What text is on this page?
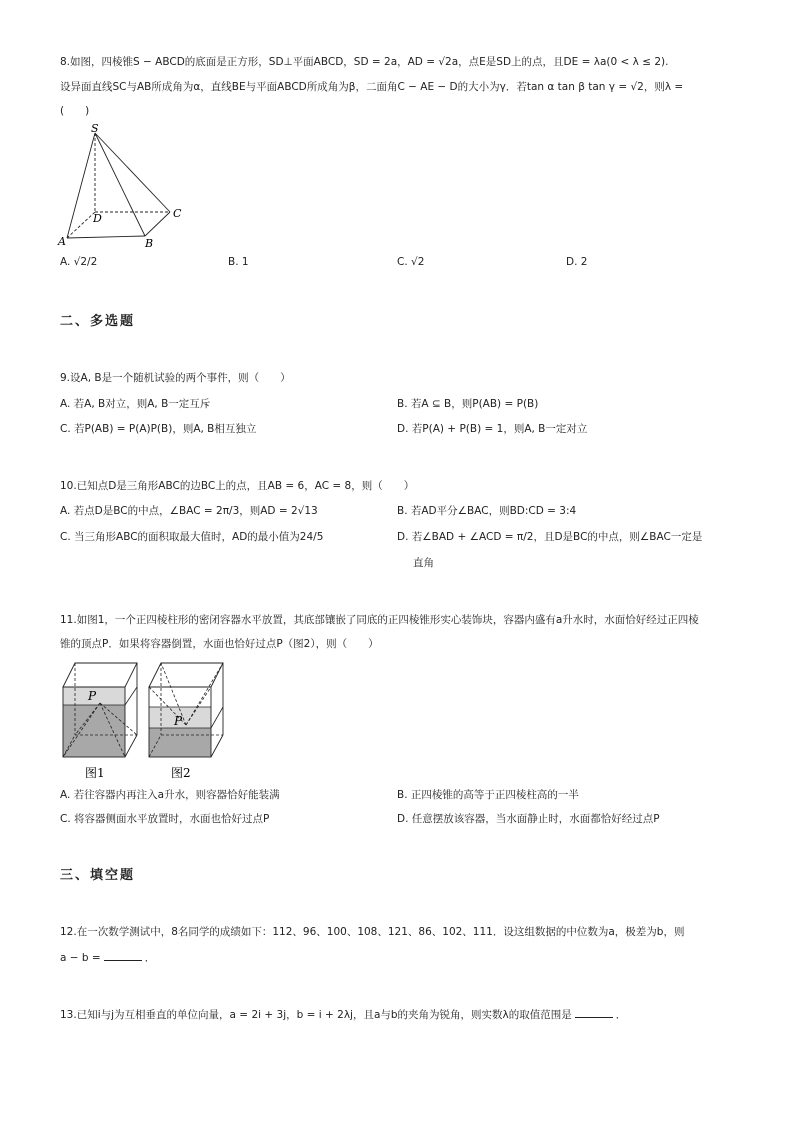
8.如图，四棱锥S − ABCD的底面是正方形，SD⊥平面ABCD，SD = 2a，AD = √2a，点E是SD上的点，且DE = λa(0 < λ ≤ 2).
设异面直线SC与AB所成角为α，直线BE与平面ABCD所成角为β，二面角C − AE − D的大小为γ．若tan α tan β tan γ = √2，则λ =
(　　)
S
D	C
A	B
A. √2/2	B. 1	C. √2	D. 2
二、多选题
9.设A, B是一个随机试验的两个事件，则（　　）
A. 若A, B对立，则A, B一定互斥	B. 若A ⊆ B，则P(AB) = P(B)
C. 若P(AB) = P(A)P(B)，则A, B相互独立	D. 若P(A) + P(B) = 1，则A, B一定对立
10.已知点D是三角形ABC的边BC上的点，且AB = 6，AC = 8，则（　　）
A. 若点D是BC的中点，∠BAC = 2π/3，则AD = 2√13	B. 若AD平分∠BAC，则BD:CD = 3:4
C. 当三角形ABC的面积取最大值时，AD的最小值为24/5	D. 若∠BAD + ∠ACD = π/2，且D是BC的中点，则∠BAC一定是
直角
11.如图1，一个正四棱柱形的密闭容器水平放置，其底部镶嵌了同底的正四棱锥形实心装饰块，容器内盛有a升水时，水面恰好经过正四棱
锥的顶点P．如果将容器倒置，水面也恰好过点P（图2），则（　　）
P
图1
P
图2
A. 若往容器内再注入a升水，则容器恰好能装满	B. 正四棱锥的高等于正四棱柱高的一半
C. 将容器侧面水平放置时，水面也恰好过点P	D. 任意摆放该容器，当水面静止时，水面都恰好经过点P
三、填空题
12.在一次数学测试中，8名同学的成绩如下：112、96、100、108、121、86、102、111．设这组数据的中位数为a，极差为b，则
a − b =	．
13.已知i与j为互相垂直的单位向量，a = 2i + 3j，b = i + 2λj，且a与b的夹角为锐角，则实数λ的取值范围是	．
